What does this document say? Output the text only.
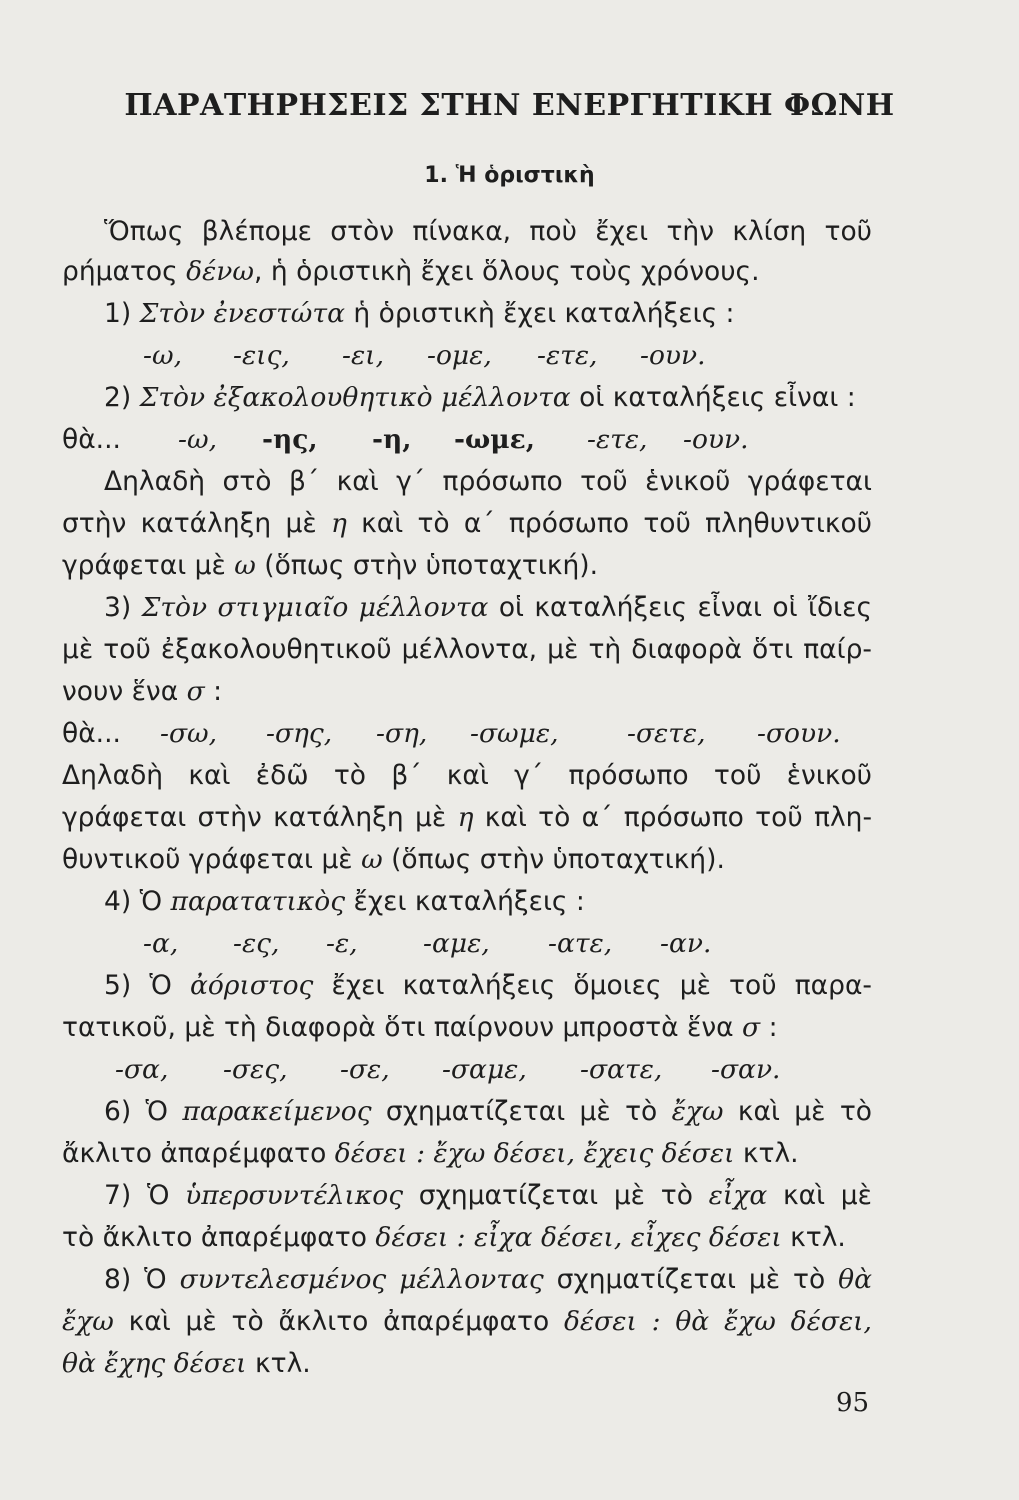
ΠΑΡΑΤΗΡΗΣΕΙΣ ΣΤΗΝ ΕΝΕΡΓΗΤΙΚΗ ΦΩΝΗ
1. Ἡ ὁριστικὴ
Ὅπως βλέπομε στὸν πίνακα, ποὺ ἔχει τὴν κλίση τοῦ
ρήματος δένω, ἡ ὁριστικὴ ἔχει ὅλους τοὺς χρόνους.
1) Στὸν ἐνεστώτα ἡ ὁριστικὴ ἔχει καταλήξεις :
-ω, -εις, -ει, -ομε, -ετε, -ουν.
2) Στὸν ἐξακολουθητικὸ μέλλοντα οἱ καταλήξεις εἶναι :
θὰ... -ω, -ης, -η, -ωμε, -ετε, -ουν.
Δηλαδὴ στὸ β΄ καὶ γ΄ πρόσωπο τοῦ ἑνικοῦ γράφεται
στὴν κατάληξη μὲ η καὶ τὸ α΄ πρόσωπο τοῦ πληθυντικοῦ
γράφεται μὲ ω (ὅπως στὴν ὑποταχτική).
3) Στὸν στιγμιαῖο μέλλοντα οἱ καταλήξεις εἶναι οἱ ἴδιες
μὲ τοῦ ἐξακολουθητικοῦ μέλλοντα, μὲ τὴ διαφορὰ ὅτι παίρ-
νουν ἕνα σ :
θὰ... -σω, -σης, -ση, -σωμε,	-σετε, -σουν.
Δηλαδὴ καὶ ἐδῶ τὸ β΄ καὶ γ΄ πρόσωπο τοῦ ἑνικοῦ
γράφεται στὴν κατάληξη μὲ η καὶ τὸ α΄ πρόσωπο τοῦ πλη-
θυντικοῦ γράφεται μὲ ω (ὅπως στὴν ὑποταχτική).
4) Ὁ παρατατικὸς ἔχει καταλήξεις :
-α, -ες, -ε, -αμε, -ατε, -αν.
5) Ὁ ἀόριστος ἔχει καταλήξεις ὅμοιες μὲ τοῦ παρα-
τατικοῦ, μὲ τὴ διαφορὰ ὅτι παίρνουν μπροστὰ ἕνα σ :
-σα, -σες, -σε, -σαμε, -σατε, -σαν.
6) Ὁ παρακείμενος σχηματίζεται μὲ τὸ ἔχω καὶ μὲ τὸ
ἄκλιτο ἀπαρέμφατο δέσει : ἔχω δέσει, ἔχεις δέσει κτλ.
7) Ὁ ὑπερσυντέλικος σχηματίζεται μὲ τὸ εἶχα καὶ μὲ
τὸ ἄκλιτο ἀπαρέμφατο δέσει : εἶχα δέσει, εἶχες δέσει κτλ.
8) Ὁ συντελεσμένος μέλλοντας σχηματίζεται μὲ τὸ θὰ
ἔχω καὶ μὲ τὸ ἄκλιτο ἀπαρέμφατο δέσει : θὰ ἔχω δέσει,
θὰ ἔχης δέσει κτλ.
95
